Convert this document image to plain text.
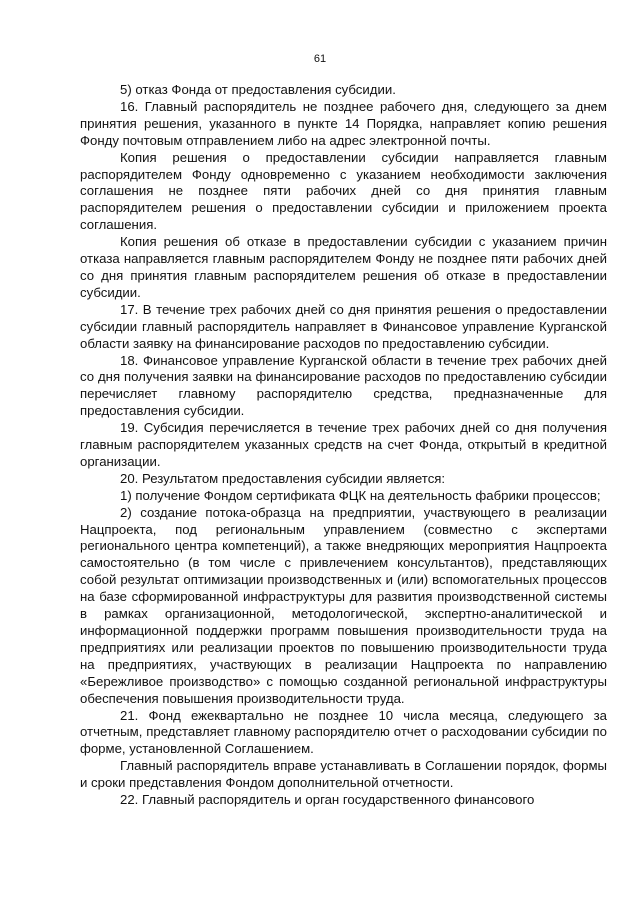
61

5) отказ Фонда от предоставления субсидии.

16. Главный распорядитель не позднее рабочего дня, следующего за днем принятия решения, указанного в пункте 14 Порядка, направляет копию решения Фонду почтовым отправлением либо на адрес электронной почты.

Копия решения о предоставлении субсидии направляется главным распорядителем Фонду одновременно с указанием необходимости заключения соглашения не позднее пяти рабочих дней со дня принятия главным распорядителем решения о предоставлении субсидии и приложением проекта соглашения.

Копия решения об отказе в предоставлении субсидии с указанием причин отказа направляется главным распорядителем Фонду не позднее пяти рабочих дней со дня принятия главным распорядителем решения об отказе в предоставлении субсидии.

17. В течение трех рабочих дней со дня принятия решения о предоставлении субсидии главный распорядитель направляет в Финансовое управление Курганской области заявку на финансирование расходов по предоставлению субсидии.

18. Финансовое управление Курганской области в течение трех рабочих дней со дня получения заявки на финансирование расходов по предоставлению субсидии перечисляет главному распорядителю средства, предназначенные для предоставления субсидии.

19. Субсидия перечисляется в течение трех рабочих дней со дня получения главным распорядителем указанных средств на счет Фонда, открытый в кредитной организации.

20. Результатом предоставления субсидии является:

1) получение Фондом сертификата ФЦК на деятельность фабрики процессов;

2) создание потока-образца на предприятии, участвующего в реализации Нацпроекта, под региональным управлением (совместно с экспертами регионального центра компетенций), а также внедряющих мероприятия Нацпроекта самостоятельно (в том числе с привлечением консультантов), представляющих собой результат оптимизации производственных и (или) вспомогательных процессов на базе сформированной инфраструктуры для развития производственной системы в рамках организационной, методологической, экспертно-аналитической и информационной поддержки программ повышения производительности труда на предприятиях или реализации проектов по повышению производительности труда на предприятиях, участвующих в реализации Нацпроекта по направлению «Бережливое производство» с помощью созданной региональной инфраструктуры обеспечения повышения производительности труда.

21. Фонд ежеквартально не позднее 10 числа месяца, следующего за отчетным, представляет главному распорядителю отчет о расходовании субсидии по форме, установленной Соглашением.

Главный распорядитель вправе устанавливать в Соглашении порядок, формы и сроки представления Фондом дополнительной отчетности.

22. Главный распорядитель и орган государственного финансового
